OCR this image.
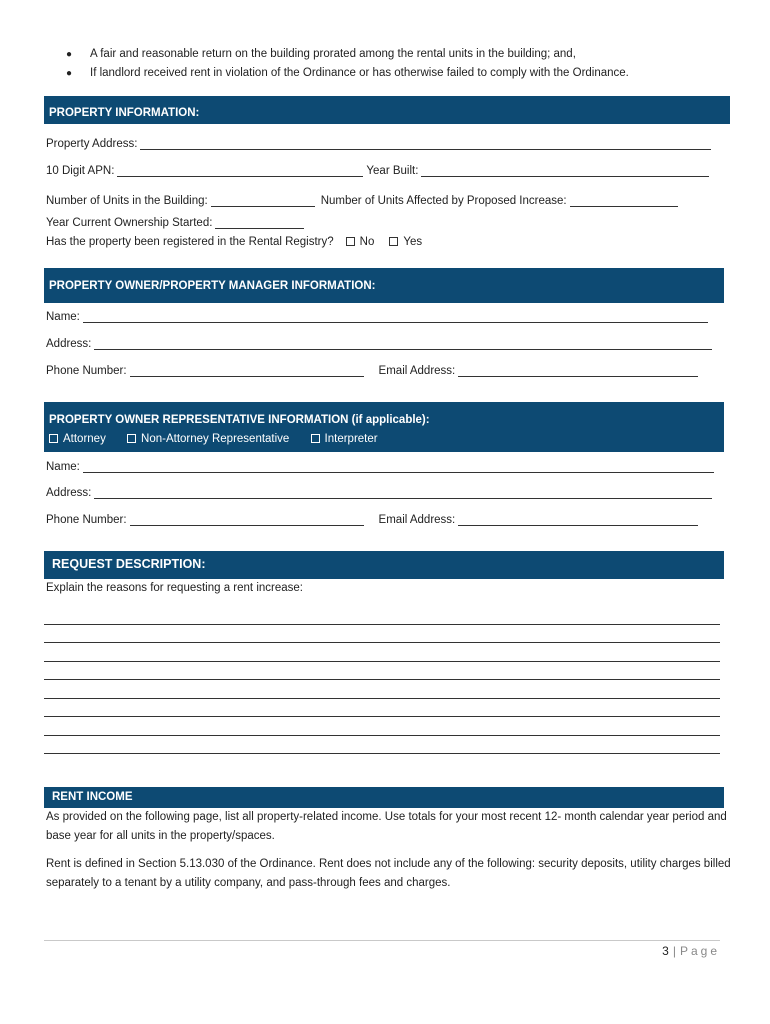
●	A fair and reasonable return on the building prorated among the rental units in the building; and,
●	If landlord received rent in violation of the Ordinance or has otherwise failed to comply with the Ordinance.
PROPERTY INFORMATION:
Property Address:
10 Digit APN:	Year Built:
Number of Units in the Building:	Number of Units Affected by Proposed Increase:
Year Current Ownership Started:
Has the property been registered in the Rental Registry?	No	Yes
PROPERTY OWNER/PROPERTY MANAGER INFORMATION:
Name:
Address:
Phone Number:	Email Address:
PROPERTY OWNER REPRESENTATIVE INFORMATION (if applicable):
Attorney	Non-Attorney Representative	Interpreter
Name:
Address:
Phone Number:	Email Address:
REQUEST DESCRIPTION:
Explain the reasons for requesting a rent increase:
RENT INCOME
As provided on the following page, list all property-related income. Use totals for your most recent 12- month calendar year period and base year for all units in the property/spaces.
Rent is defined in Section 5.13.030 of the Ordinance. Rent does not include any of the following: security deposits, utility charges billed separately to a tenant by a utility company, and pass-through fees and charges.
3 | Page
